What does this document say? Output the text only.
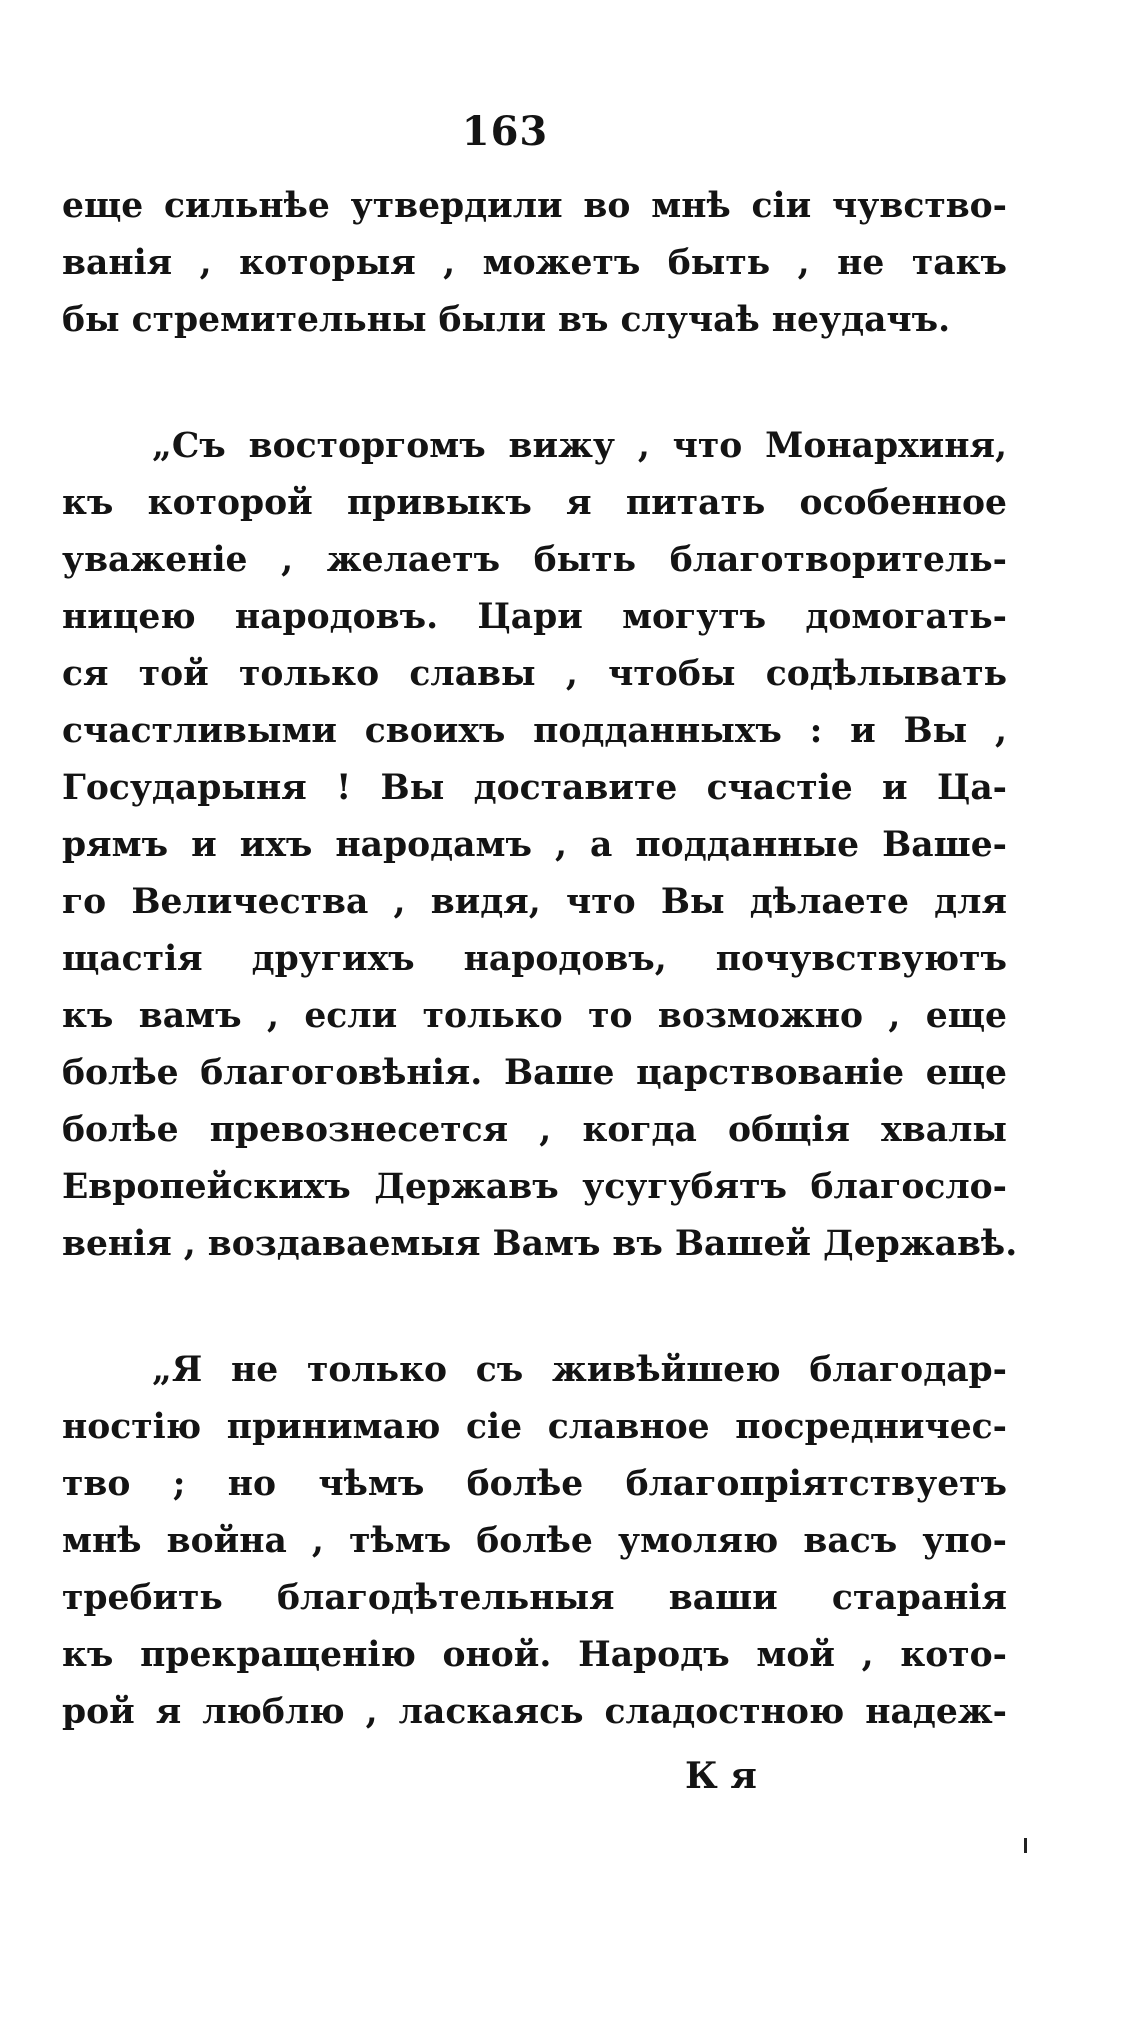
163
еще сильнѣе утвердили во мнѣ сіи чувство-
ванія , которыя , можетъ быть , не такъ
бы стремительны были въ случаѣ неудачъ.
„Съ восторгомъ вижу , что Монархиня,
къ которой привыкъ я питать особенное
уваженіе , желаетъ быть благотворитель-
ницею народовъ. Цари могутъ домогать-
ся той только славы , чтобы содѣлывать
счастливыми своихъ подданныхъ : и Вы ,
Государыня ! Вы доставите счастіе и Ца-
рямъ и ихъ народамъ , а подданные Ваше-
го Величества , видя, что Вы дѣлаете для
щастія другихъ народовъ, почувствуютъ
къ вамъ , если только то возможно , еще
болѣе благоговѣнія. Ваше царствованіе еще
болѣе превознесется , когда общія хвалы
Европейскихъ Державъ усугубятъ благосло-
венія , воздаваемыя Вамъ въ Вашей Державѣ.
„Я не только съ живѣйшею благодар-
ностію принимаю сіе славное посредничес-
тво ; но чѣмъ болѣе благопріятствуетъ
мнѣ война , тѣмъ болѣе умоляю васъ упо-
требить благодѣтельныя ваши старанія
къ прекращенію оной. Народъ мой , кото-
рой я люблю , ласкаясь сладостною надеж-
К я
